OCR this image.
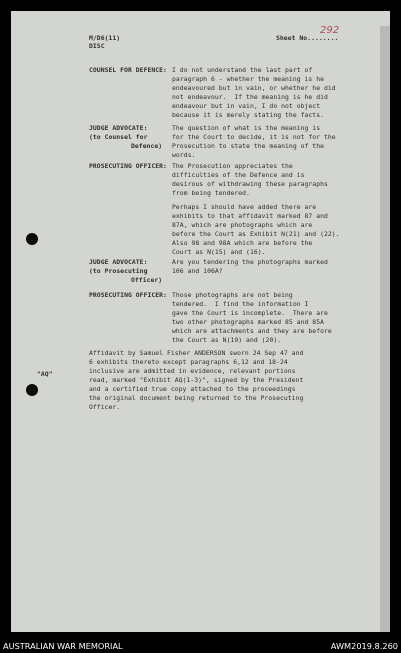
M/D6(11)
DISC
Sheet No........
292
COUNSEL FOR DEFENCE: I do not understand the last part of
paragraph 6 - whether the meaning is he
endeavoured but in vain, or whether he did
not endeavour.  If the meaning is he did
endeavour but in vain, I do not object
because it is merely stating the facts.
JUDGE ADVOCATE:
(to Counsel for
Defence)
The question of what is the meaning is
for the Court to decide, it is not for the
Prosecution to state the meaning of the
words.
PROSECUTING OFFICER: The Prosecution appreciates the
difficulties of the Defence and is
desirous of withdrawing these paragraphs
from being tendered.
Perhaps I should have added there are
exhibits to that affidavit marked 87 and
87A, which are photographs which are
before the Court as Exhibit N(21) and (22).
Also 98 and 98A which are before the
Court as N(15) and (16).
JUDGE ADVOCATE:
(to Prosecuting
Officer)
Are you tendering the photographs marked
106 and 106A?
PROSECUTING OFFICER: Those photographs are not being
tendered.  I find the information I
gave the Court is incomplete.  There are
two other photographs marked 85 and 85A
which are attachments and they are before
the Court as N(19) and (20).
"AQ"
Affidavit by Samuel Fisher ANDERSON sworn 24 Sep 47 and
6 exhibits thereto except paragraphs 6,12 and 18-24
inclusive are admitted in evidence, relevant portions
read, marked "Exhibit AQ(1-3)", signed by the President
and a certified true copy attached to the proceedings
the original document being returned to the Prosecuting
Officer.
AUSTRALIAN WAR MEMORIAL	AWM2019.8.260
